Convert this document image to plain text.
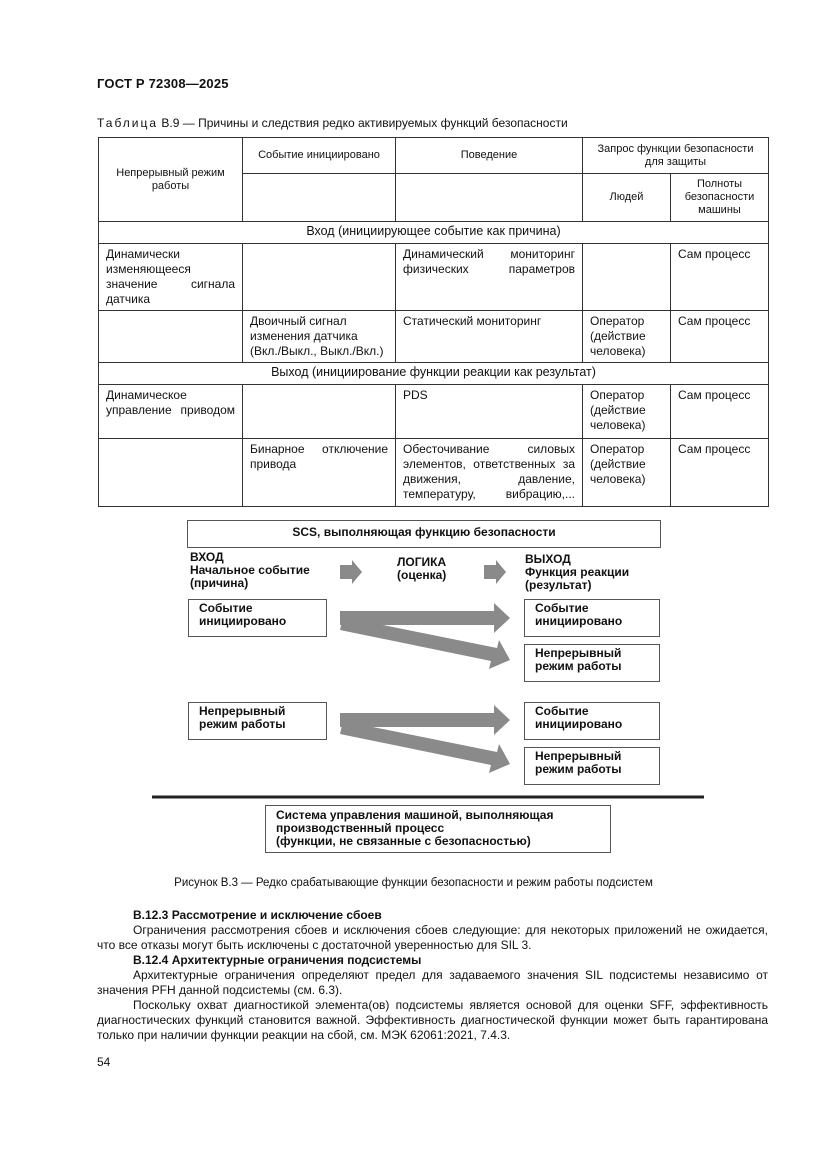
ГОСТ Р 72308—2025
Таблица В.9 — Причины и следствия редко активируемых функций безопасности
Непрерывный режим работы	Событие инициировано	Поведение	Запрос функции безопасности для защиты	
			Людей	Полноты безопасности машины
Вход (инициирующее событие как причина)				
Динамически изменяющееся значение сигнала датчика		Динамический мониторинг физических параметров		Сам процесс
	Двоичный сигнал изменения датчика (Вкл./Выкл., Выкл./Вкл.)	Статический мониторинг	Оператор (действие человека)	Сам процесс
Выход (инициирование функции реакции как результат)				
Динамическое управление приводом		PDS	Оператор (действие человека)	Сам процесс
	Бинарное отключение привода	Обесточивание силовых элементов, ответственных за движения, давление, температуру, вибрацию,...	Оператор (действие человека)	Сам процесс
SCS, выполняющая функцию безопасности
ВХОД
Начальное событие
(причина)
ЛОГИКА
(оценка)
ВЫХОД
Функция реакции
(результат)
Событие
инициировано
Непрерывный
режим работы
Событие
инициировано
Непрерывный
режим работы
Событие
инициировано
Непрерывный
режим работы
Система управления машиной, выполняющая
производственный процесс
(функции, не связанные с безопасностью)
Рисунок В.3 — Редко срабатывающие функции безопасности и режим работы подсистем

В.12.3 Рассмотрение и исключение сбоев

Ограничения рассмотрения сбоев и исключения сбоев следующие: для некоторых приложений не ожидается, что все отказы могут быть исключены с достаточной уверенностью для SIL 3.

В.12.4 Архитектурные ограничения подсистемы

Архитектурные ограничения определяют предел для задаваемого значения SIL подсистемы независимо от значения PFH данной подсистемы (см. 6.3).

Поскольку охват диагностикой элемента(ов) подсистемы является основой для оценки SFF, эффективность диагностических функций становится важной. Эффективность диагностической функции может быть гарантирована только при наличии функции реакции на сбой, см. МЭК 62061:2021, 7.4.3.

54
